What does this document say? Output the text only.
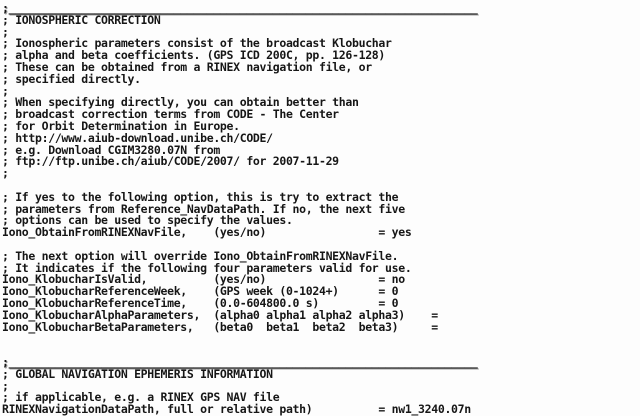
;_______________________________________________________________________
; IONOSPHERIC CORRECTION
;
; Ionospheric parameters consist of the broadcast Klobuchar
; alpha and beta coefficients. (GPS ICD 200C, pp. 126-128)
; These can be obtained from a RINEX navigation file, or
; specified directly.
;
; When specifying directly, you can obtain better than
; broadcast correction terms from CODE - The Center
; for Orbit Determination in Europe.
; http://www.aiub-download.unibe.ch/CODE/
; e.g. Download CGIM3280.07N from
; ftp://ftp.unibe.ch/aiub/CODE/2007/ for 2007-11-29
;
; If yes to the following option, this is try to extract the
; parameters from Reference_NavDataPath. If no, the next five
; options can be used to specify the values.
Iono_ObtainFromRINEXNavFile,    (yes/no)                 = yes
; The next option will override Iono_ObtainFromRINEXNavFile.
; It indicates if the following four parameters valid for use.
Iono_KlobucharIsValid,          (yes/no)                 = no
Iono_KlobucharReferenceWeek,    (GPS week (0-1024+)      = 0
Iono_KlobucharReferenceTime,    (0.0-604800.0 s)         = 0
Iono_KlobucharAlphaParameters,  (alpha0 alpha1 alpha2 alpha3)    =
Iono_KlobucharBetaParameters,   (beta0  beta1  beta2  beta3)     =
;_______________________________________________________________________
; GLOBAL NAVIGATION EPHEMERIS INFORMATION
;
; if applicable, e.g. a RINEX GPS NAV file
RINEXNavigationDataPath, full or relative path)          = nw1_3240.07n
